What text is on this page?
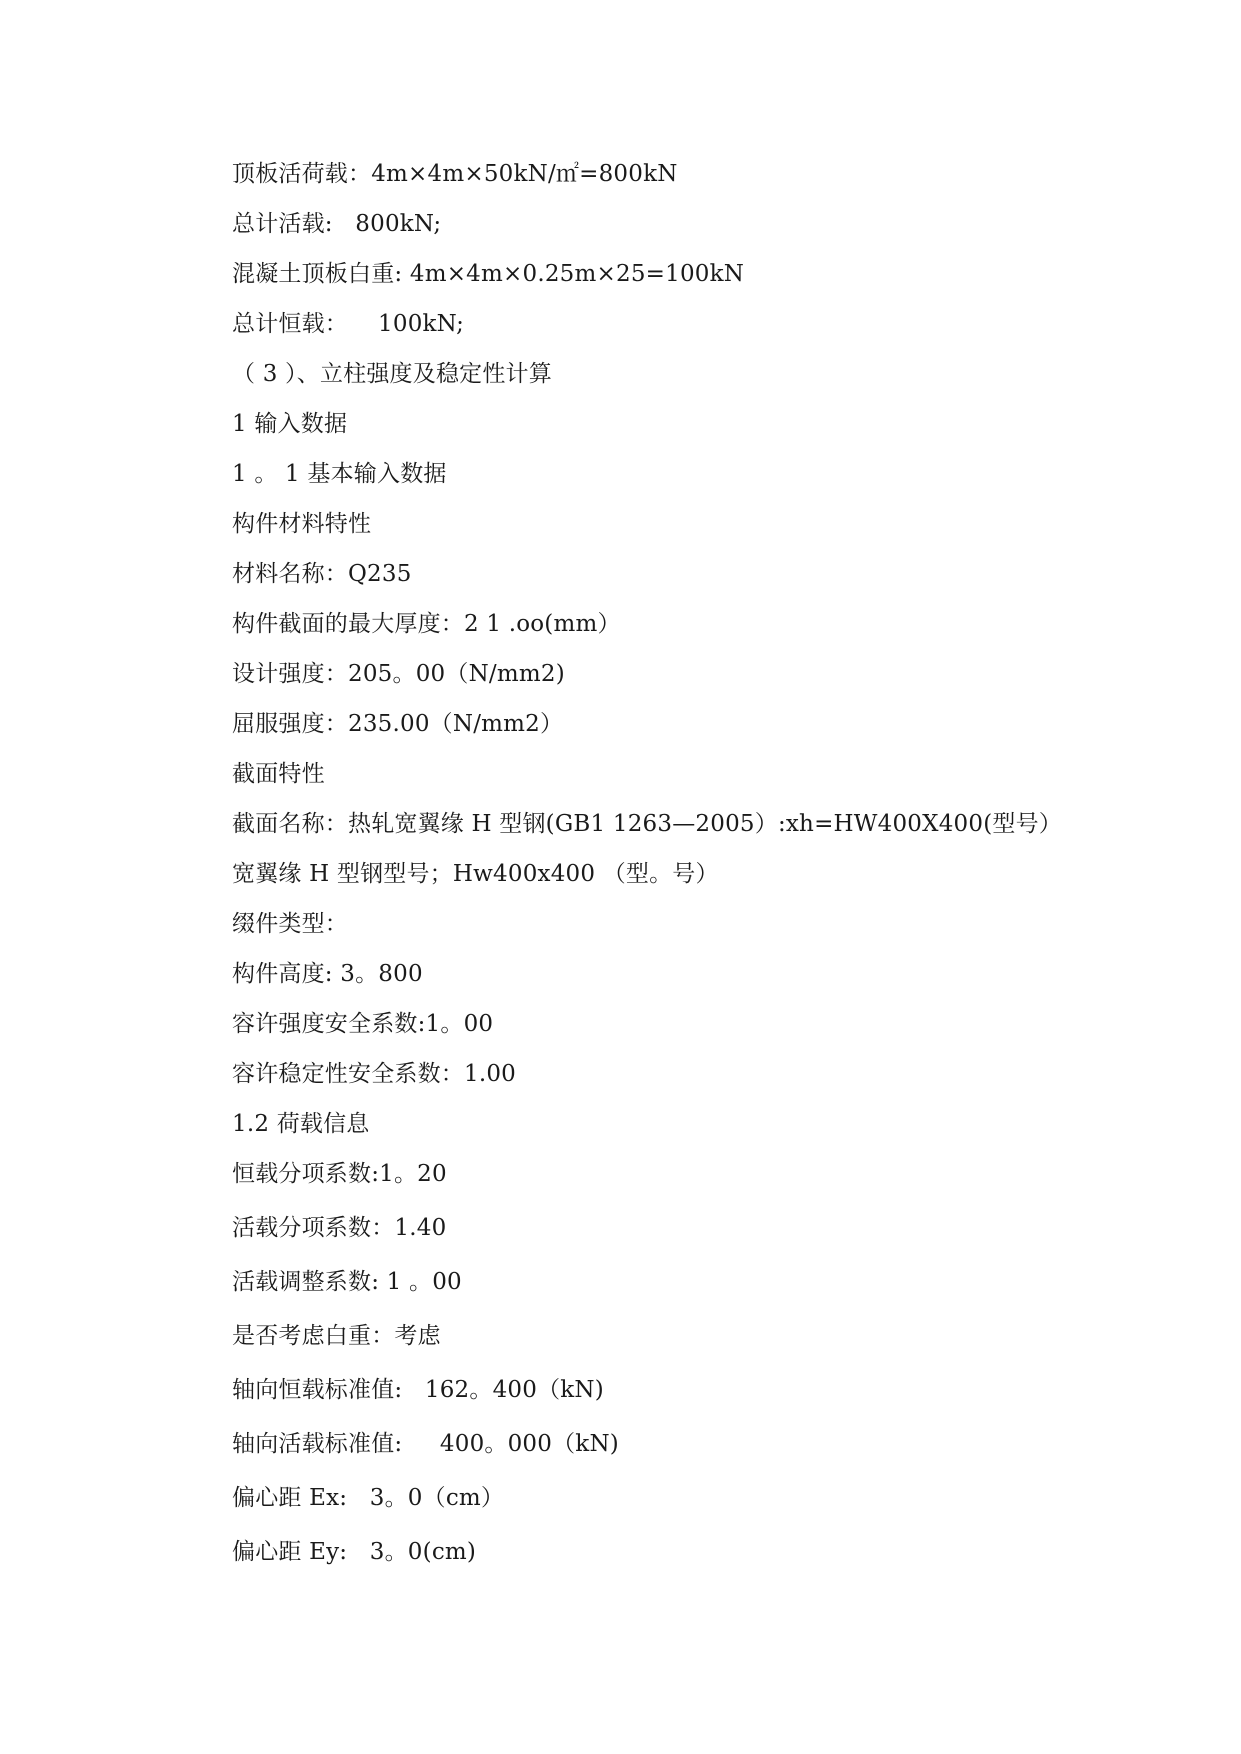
顶板活荷载：4m×4m×50kN/㎡=800kN
总计活载:   800kN;
混凝土顶板白重: 4m×4m×0.25m×25=100kN
总计恒载：    100kN;
（ 3 ）、立柱强度及稳定性计算
1 输入数据
1 。 1 基本输入数据
构件材料特性
材料名称：Q235
构件截面的最大厚度：2 1 .oo(mm）
设计强度：205。00（N/mm2)
屈服强度：235.00（N/mm2）
截面特性
截面名称：热轧宽翼缘 H 型钢(GB1 1263—2005）:xh=HW400X400(型号）
宽翼缘 H 型钢型号；Hw400x400 （型。号）
缀件类型：
构件高度: 3。800
容许强度安全系数:1。00
容许稳定性安全系数：1.00
1.2 荷载信息
恒载分项系数:1。20
活载分项系数：1.40
活载调整系数: 1 。00
是否考虑白重：考虑
轴向恒载标准值:   162。400（kN)
轴向活载标准值:     400。000（kN)
偏心距 Ex:   3。0（cm）
偏心距 Ey:   3。0(cm)
